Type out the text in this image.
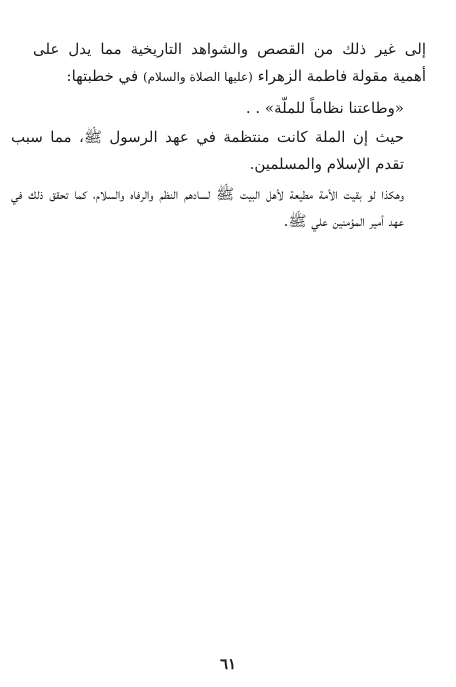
إلى غير ذلك من القصص والشواهد التاريخية مما يدل على أهمية مقولة فاطمة الزهراء (عليها الصلاة والسلام) في خطبتها:

«وطاعتنا نظاماً للملّة» . .

حيث إن الملة كانت منتظمة في عهد الرسول ﷺ، مما سبب تقدم الإسلام والمسلمين.

وهكذا لو بقيت الأمة مطيعة لأهل البيت ﷺ لسادهم النظم والرفاه والسلام، كما تحقق ذلك في عهد أمير المؤمنين علي ﷺ.

٦١
